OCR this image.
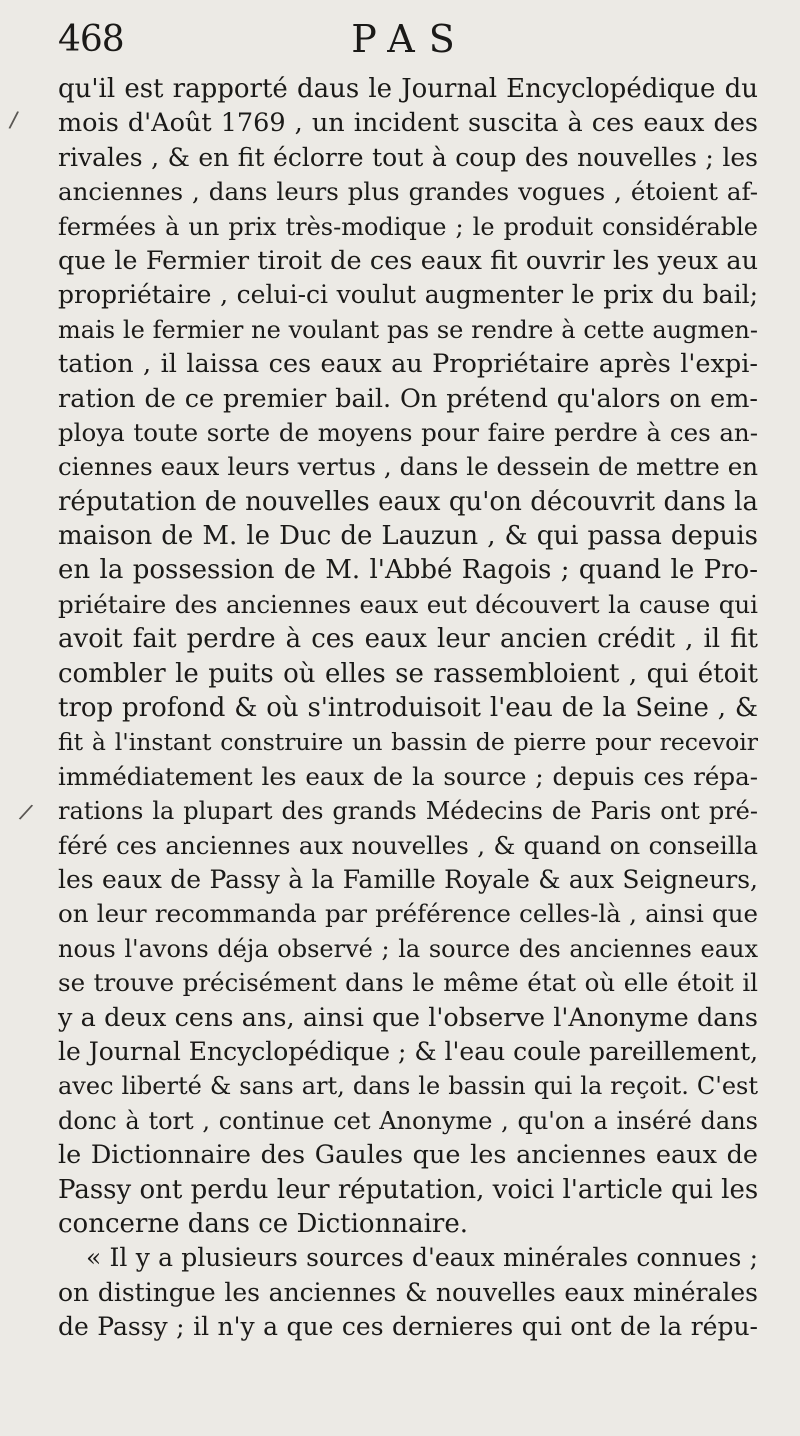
468	PAS
/
/
qu'il est rapporté daus le Journal Encyclopédique du
mois d'Août 1769 , un incident suscita à ces eaux des
rivales , & en fit éclorre tout à coup des nouvelles ; les
anciennes , dans leurs plus grandes vogues , étoient af-
fermées à un prix très-modique ; le produit considérable
que le Fermier tiroit de ces eaux fit ouvrir les yeux au
propriétaire , celui-ci voulut augmenter le prix du bail;
mais le fermier ne voulant pas se rendre à cette augmen-
tation , il laissa ces eaux au Propriétaire après l'expi-
ration de ce premier bail. On prétend qu'alors on em-
ploya toute sorte de moyens pour faire perdre à ces an-
ciennes eaux leurs vertus , dans le dessein de mettre en
réputation de nouvelles eaux qu'on découvrit dans la
maison de M. le Duc de Lauzun , & qui passa depuis
en la possession de M. l'Abbé Ragois ; quand le Pro-
priétaire des anciennes eaux eut découvert la cause qui
avoit fait perdre à ces eaux leur ancien crédit , il fit
combler le puits où elles se rassembloient , qui étoit
trop profond & où s'introduisoit l'eau de la Seine , &
fit à l'instant construire un bassin de pierre pour recevoir
immédiatement les eaux de la source ; depuis ces répa-
rations la plupart des grands Médecins de Paris ont pré-
féré ces anciennes aux nouvelles , & quand on conseilla
les eaux de Passy à la Famille Royale & aux Seigneurs,
on leur recommanda par préférence celles-là , ainsi que
nous l'avons déja observé ; la source des anciennes eaux
se trouve précisément dans le même état où elle étoit il
y a deux cens ans, ainsi que l'observe l'Anonyme dans
le Journal Encyclopédique ; & l'eau coule pareillement,
avec liberté & sans art, dans le bassin qui la reçoit. C'est
donc à tort , continue cet Anonyme , qu'on a inséré dans
le Dictionnaire des Gaules que les anciennes eaux de
Passy ont perdu leur réputation, voici l'article qui les
concerne dans ce Dictionnaire.
« Il y a plusieurs sources d'eaux minérales connues ;
on distingue les anciennes & nouvelles eaux minérales
de Passy ; il n'y a que ces dernieres qui ont de la répu-
